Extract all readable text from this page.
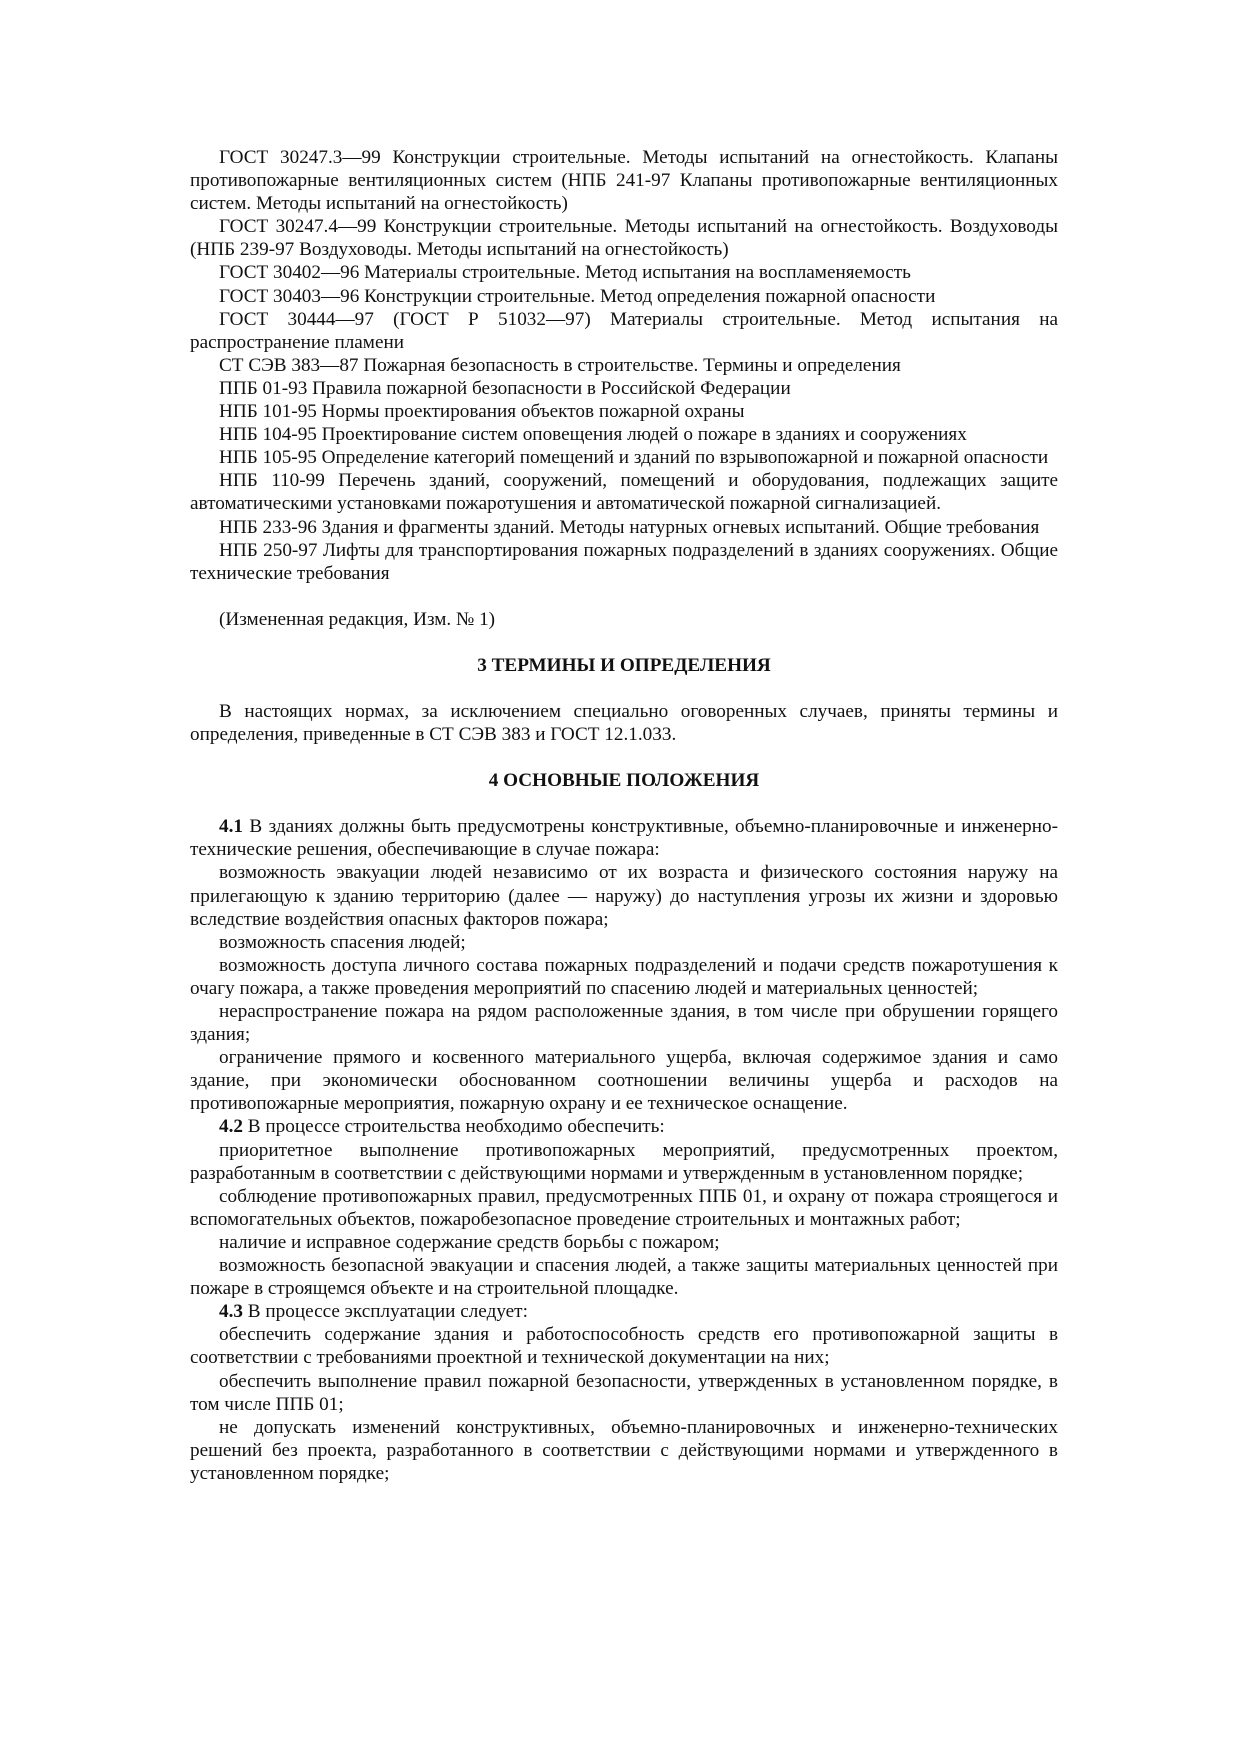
ГОСТ 30247.3—99 Конструкции строительные. Методы испытаний на огнестойкость. Клапаны противопожарные вентиляционных систем (НПБ 241-97 Клапаны противопожарные вентиляционных систем. Методы испытаний на огнестойкость)

ГОСТ 30247.4—99 Конструкции строительные. Методы испытаний на огнестойкость. Воздуховоды (НПБ 239-97 Воздуховоды. Методы испытаний на огнестойкость)

ГОСТ 30402—96 Материалы строительные. Метод испытания на воспламеняемость

ГОСТ 30403—96 Конструкции строительные. Метод определения пожарной опасности

ГОСТ 30444—97 (ГОСТ Р 51032—97) Материалы строительные. Метод испытания на распространение пламени

СТ СЭВ 383—87 Пожарная безопасность в строительстве. Термины и определения

ППБ 01-93 Правила пожарной безопасности в Российской Федерации

НПБ 101-95 Нормы проектирования объектов пожарной охраны

НПБ 104-95 Проектирование систем оповещения людей о пожаре в зданиях и сооружениях

НПБ 105-95 Определение категорий помещений и зданий по взрывопожарной и пожарной опасности

НПБ 110-99 Перечень зданий, сооружений, помещений и оборудования, подлежащих защите автоматическими установками пожаротушения и автоматической пожарной сигнализацией.

НПБ 233-96 Здания и фрагменты зданий. Методы натурных огневых испытаний. Общие требования

НПБ 250-97 Лифты для транспортирования пожарных подразделений в зданиях сооружениях. Общие технические требования

(Измененная редакция, Изм. № 1)

3 ТЕРМИНЫ И ОПРЕДЕЛЕНИЯ

В настоящих нормах, за исключением специально оговоренных случаев, приняты термины и определения, приведенные в СТ СЭВ 383 и ГОСТ 12.1.033.

4 ОСНОВНЫЕ ПОЛОЖЕНИЯ

4.1 В зданиях должны быть предусмотрены конструктивные, объемно-планировочные и инженерно-технические решения, обеспечивающие в случае пожара:

возможность эвакуации людей независимо от их возраста и физического состояния наружу на прилегающую к зданию территорию (далее — наружу) до наступления угрозы их жизни и здоровью вследствие воздействия опасных факторов пожара;

возможность спасения людей;

возможность доступа личного состава пожарных подразделений и подачи средств пожаротушения к очагу пожара, а также проведения мероприятий по спасению людей и материальных ценностей;

нераспространение пожара на рядом расположенные здания, в том числе при обрушении горящего здания;

ограничение прямого и косвенного материального ущерба, включая содержимое здания и само здание, при экономически обоснованном соотношении величины ущерба и расходов на противопожарные мероприятия, пожарную охрану и ее техническое оснащение.

4.2 В процессе строительства необходимо обеспечить:

приоритетное выполнение противопожарных мероприятий, предусмотренных проектом, разработанным в соответствии с действующими нормами и утвержденным в установленном порядке;

соблюдение противопожарных правил, предусмотренных ППБ 01, и охрану от пожара строящегося и вспомогательных объектов, пожаробезопасное проведение строительных и монтажных работ;

наличие и исправное содержание средств борьбы с пожаром;

возможность безопасной эвакуации и спасения людей, а также защиты материальных ценностей при пожаре в строящемся объекте и на строительной площадке.

4.3 В процессе эксплуатации следует:

обеспечить содержание здания и работоспособность средств его противопожарной защиты в соответствии с требованиями проектной и технической документации на них;

обеспечить выполнение правил пожарной безопасности, утвержденных в установленном порядке, в том числе ППБ 01;

не допускать изменений конструктивных, объемно-планировочных и инженерно-технических решений без проекта, разработанного в соответствии с действующими нормами и утвержденного в установленном порядке;
